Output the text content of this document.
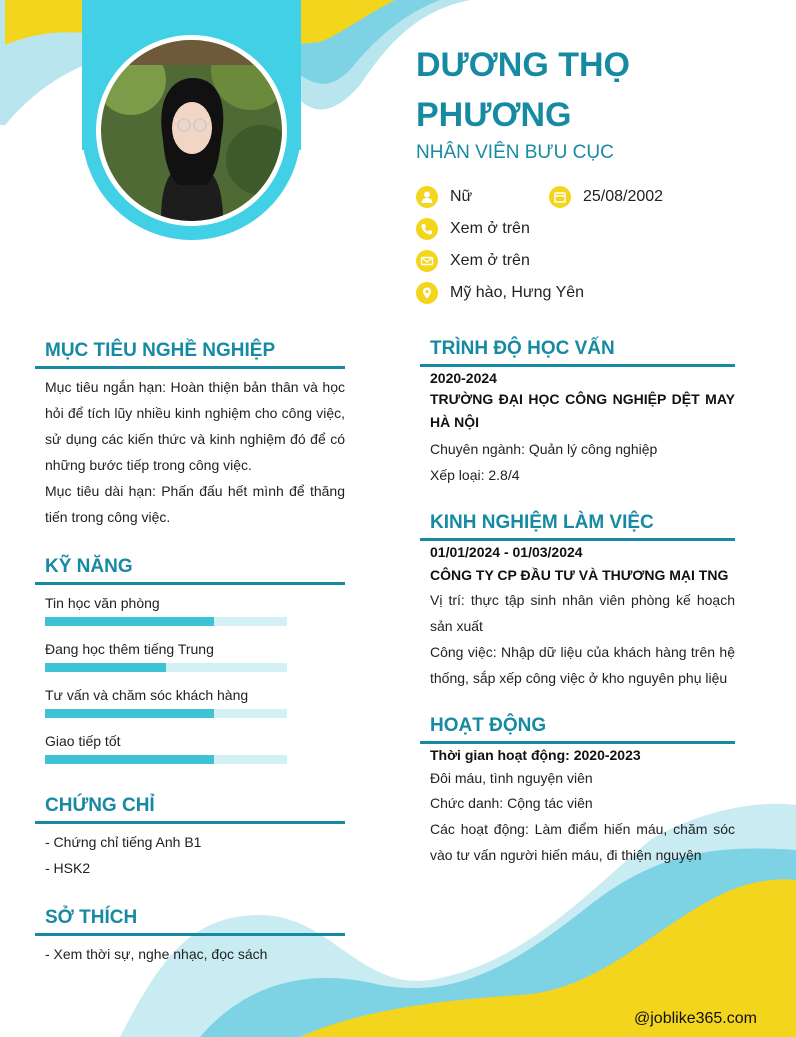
DƯƠNG THỌ
PHƯƠNG
NHÂN VIÊN BƯU CỤC
Nữ	25/08/2002
Xem ở trên
Xem ở trên
Mỹ hào, Hưng Yên
MỤC TIÊU NGHỀ NGHIỆP
Mục tiêu ngắn hạn: Hoàn thiện bản thân và học hỏi để tích lũy nhiều kinh nghiệm cho công việc, sử dụng các kiến thức và kinh nghiệm đó để có những bước tiếp trong công việc.
Mục tiêu dài hạn: Phấn đấu hết mình để thăng tiến trong công việc.
KỸ NĂNG
Tin học văn phòng
Đang học thêm tiếng Trung
Tư vấn và chăm sóc khách hàng
Giao tiếp tốt
CHỨNG CHỈ
- Chứng chỉ tiếng Anh B1
- HSK2
SỞ THÍCH
- Xem thời sự, nghe nhạc, đọc sách
TRÌNH ĐỘ HỌC VẤN
2020-2024
TRƯỜNG ĐẠI HỌC CÔNG NGHIỆP DỆT MAY HÀ NỘI
Chuyên ngành: Quản lý công nghiệp
Xếp loại: 2.8/4
KINH NGHIỆM LÀM VIỆC
01/01/2024 - 01/03/2024
CÔNG TY CP ĐẦU TƯ VÀ THƯƠNG MẠI TNG
Vị trí: thực tập sinh nhân viên phòng kế hoạch sản xuất
Công việc: Nhập dữ liệu của khách hàng trên hệ thống, sắp xếp công việc ở kho nguyên phụ liệu
HOẠT ĐỘNG
Thời gian hoạt động: 2020-2023
Đôi máu, tình nguyện viên
Chức danh: Cộng tác viên
Các hoạt động: Làm điểm hiến máu, chăm sóc vào tư vấn người hiến máu, đi thiện nguyện
@joblike365.com
